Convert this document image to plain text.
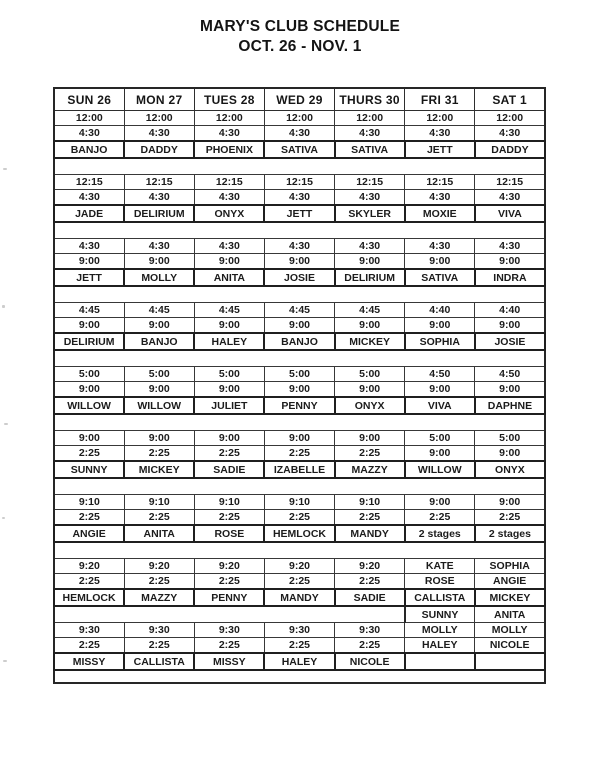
MARY'S CLUB SCHEDULE
OCT. 26 - NOV. 1
SUN 26	MON 27	TUES 28	WED 29	THURS 30	FRI 31	SAT 1
12:00	12:00	12:00	12:00	12:00	12:00	12:00
4:30	4:30	4:30	4:30	4:30	4:30	4:30
BANJO	DADDY	PHOENIX	SATIVA	SATIVA	JETT	DADDY

12:15	12:15	12:15	12:15	12:15	12:15	12:15
4:30	4:30	4:30	4:30	4:30	4:30	4:30
JADE	DELIRIUM	ONYX	JETT	SKYLER	MOXIE	VIVA

4:30	4:30	4:30	4:30	4:30	4:30	4:30
9:00	9:00	9:00	9:00	9:00	9:00	9:00
JETT	MOLLY	ANITA	JOSIE	DELIRIUM	SATIVA	INDRA

4:45	4:45	4:45	4:45	4:45	4:40	4:40
9:00	9:00	9:00	9:00	9:00	9:00	9:00
DELIRIUM	BANJO	HALEY	BANJO	MICKEY	SOPHIA	JOSIE

5:00	5:00	5:00	5:00	5:00	4:50	4:50
9:00	9:00	9:00	9:00	9:00	9:00	9:00
WILLOW	WILLOW	JULIET	PENNY	ONYX	VIVA	DAPHNE

9:00	9:00	9:00	9:00	9:00	5:00	5:00
2:25	2:25	2:25	2:25	2:25	9:00	9:00
SUNNY	MICKEY	SADIE	IZABELLE	MAZZY	WILLOW	ONYX

9:10	9:10	9:10	9:10	9:10	9:00	9:00
2:25	2:25	2:25	2:25	2:25	2:25	2:25
ANGIE	ANITA	ROSE	HEMLOCK	MANDY	2 stages	2 stages

9:20	9:20	9:20	9:20	9:20	KATE	SOPHIA
2:25	2:25	2:25	2:25	2:25	ROSE	ANGIE
HEMLOCK	MAZZY	PENNY	MANDY	SADIE	CALLISTA	MICKEY
					SUNNY	ANITA
9:30	9:30	9:30	9:30	9:30	MOLLY	MOLLY
2:25	2:25	2:25	2:25	2:25	HALEY	NICOLE
MISSY	CALLISTA	MISSY	HALEY	NICOLE		
